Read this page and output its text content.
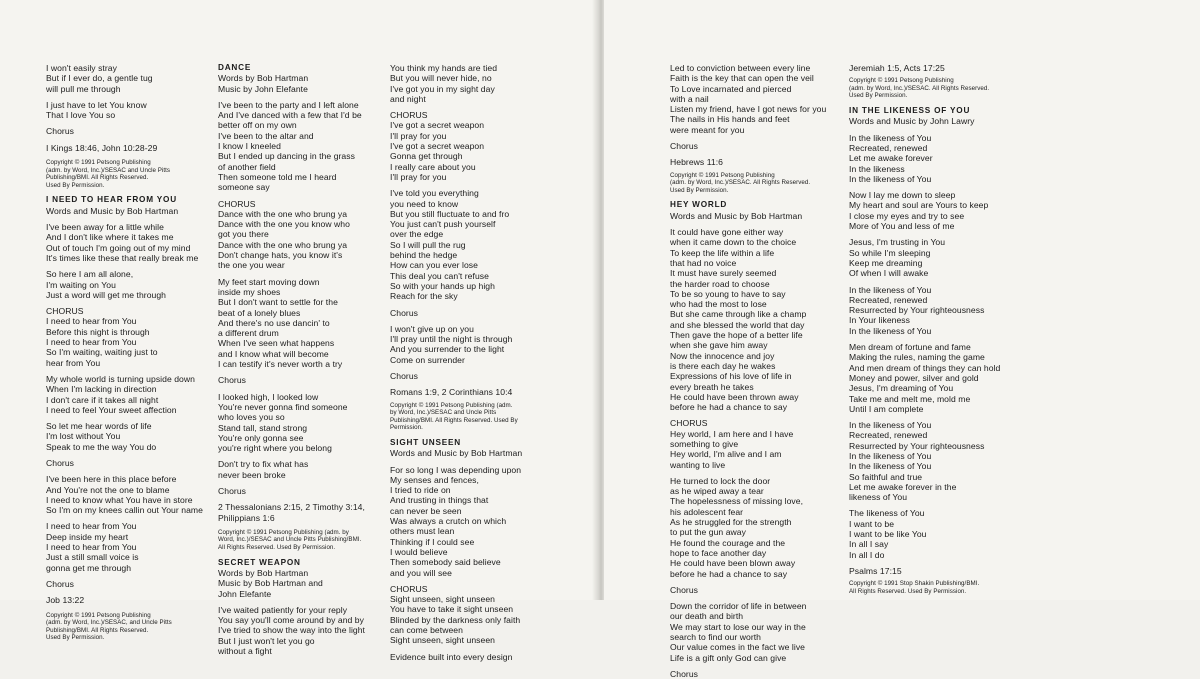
I won't easily stray
But if I ever do, a gentle tug
will pull me through
I just have to let You know
That I love You so
Chorus
I Kings 18:46, John 10:28-29
Copyright © 1991 Petsong Publishing
(adm. by Word, Inc.)/SESAC and Uncle Pitts
Publishing/BMI. All Rights Reserved.
Used By Permission.
I NEED TO HEAR FROM YOU
Words and Music by Bob Hartman
I've been away for a little while
And I don't like where it takes me
Out of touch I'm going out of my mind
It's times like these that really break me
So here I am all alone,
I'm waiting on You
Just a word will get me through
CHORUS
I need to hear from You
Before this night is through
I need to hear from You
So I'm waiting, waiting just to
hear from You
My whole world is turning upside down
When I'm lacking in direction
I don't care if it takes all night
I need to feel Your sweet affection
So let me hear words of life
I'm lost without You
Speak to me the way You do
Chorus
I've been here in this place before
And You're not the one to blame
I need to know what You have in store
So I'm on my knees callin out Your name
I need to hear from You
Deep inside my heart
I need to hear from You
Just a still small voice is
gonna get me through
Chorus
Job 13:22
Copyright © 1991 Petsong Publishing
(adm. by Word, Inc.)/SESAC, and Uncle Pitts
Publishing/BMI. All Rights Reserved.
Used By Permission.
DANCE
Words by Bob Hartman
Music by John Elefante
I've been to the party and I left alone
And I've danced with a few that I'd be
better off on my own
I've been to the altar and
I know I kneeled
But I ended up dancing in the grass
of another field
Then someone told me I heard
someone say
CHORUS
Dance with the one who brung ya
Dance with the one you know who
got you there
Dance with the one who brung ya
Don't change hats, you know it's
the one you wear
My feet start moving down
inside my shoes
But I don't want to settle for the
beat of a lonely blues
And there's no use dancin' to
a different drum
When I've seen what happens
and I know what will become
I can testify it's never worth a try
Chorus
I looked high, I looked low
You're never gonna find someone
who loves you so
Stand tall, stand strong
You're only gonna see
you're right where you belong
Don't try to fix what has
never been broke
Chorus
2 Thessalonians 2:15, 2 Timothy 3:14,
Philippians 1:6
Copyright © 1991 Petsong Publishing (adm. by
Word, Inc.)/SESAC and Uncle Pitts Publishing/BMI.
All Rights Reserved. Used By Permission.
SECRET WEAPON
Words by Bob Hartman
Music by Bob Hartman and
John Elefante
I've waited patiently for your reply
You say you'll come around by and by
I've tried to show the way into the light
But I just won't let you go
without a fight
You think my hands are tied
But you will never hide, no
I've got you in my sight day
and night
CHORUS
I've got a secret weapon
I'll pray for you
I've got a secret weapon
Gonna get through
I really care about you
I'll pray for you
I've told you everything
you need to know
But you still fluctuate to and fro
You just can't push yourself
over the edge
So I will pull the rug
behind the hedge
How can you ever lose
This deal you can't refuse
So with your hands up high
Reach for the sky
Chorus
I won't give up on you
I'll pray until the night is through
And you surrender to the light
Come on surrender
Chorus
Romans 1:9, 2 Corinthians 10:4
Copyright © 1991 Petsong Publishing (adm.
by Word, Inc.)/SESAC and Uncle Pitts
Publishing/BMI. All Rights Reserved. Used By
Permission.
SIGHT UNSEEN
Words and Music by Bob Hartman
For so long I was depending upon
My senses and fences,
I tried to ride on
And trusting in things that
can never be seen
Was always a crutch on which
others must lean
Thinking if I could see
I would believe
Then somebody said believe
and you will see
CHORUS
Sight unseen, sight unseen
You have to take it sight unseen
Blinded by the darkness only faith
can come between
Sight unseen, sight unseen
Evidence built into every design
Led to conviction between every line
Faith is the key that can open the veil
To Love incarnated and pierced
with a nail
Listen my friend, have I got news for you
The nails in His hands and feet
were meant for you
Chorus
Hebrews 11:6
Copyright © 1991 Petsong Publishing
(adm. by Word, Inc.)/SESAC. All Rights Reserved.
Used By Permission.
HEY WORLD
Words and Music by Bob Hartman
It could have gone either way
when it came down to the choice
To keep the life within a life
that had no voice
It must have surely seemed
the harder road to choose
To be so young to have to say
who had the most to lose
But she came through like a champ
and she blessed the world that day
Then gave the hope of a better life
when she gave him away
Now the innocence and joy
is there each day he wakes
Expressions of his love of life in
every breath he takes
He could have been thrown away
before he had a chance to say
CHORUS
Hey world, I am here and I have
something to give
Hey world, I'm alive and I am
wanting to live
He turned to lock the door
as he wiped away a tear
The hopelessness of missing love,
his adolescent fear
As he struggled for the strength
to put the gun away
He found the courage and the
hope to face another day
He could have been blown away
before he had a chance to say
Chorus
Down the corridor of life in between
our death and birth
We may start to lose our way in the
search to find our worth
Our value comes in the fact we live
Life is a gift only God can give
Chorus
Jeremiah 1:5, Acts 17:25
Copyright © 1991 Petsong Publishing
(adm. by Word, Inc.)/SESAC. All Rights Reserved.
Used By Permission.
IN THE LIKENESS OF YOU
Words and Music by John Lawry
In the likeness of You
Recreated, renewed
Let me awake forever
In the likeness
In the likeness of You
Now I lay me down to sleep
My heart and soul are Yours to keep
I close my eyes and try to see
More of You and less of me
Jesus, I'm trusting in You
So while I'm sleeping
Keep me dreaming
Of when I will awake
In the likeness of You
Recreated, renewed
Resurrected by Your righteousness
In Your likeness
In the likeness of You
Men dream of fortune and fame
Making the rules, naming the game
And men dream of things they can hold
Money and power, silver and gold
Jesus, I'm dreaming of You
Take me and melt me, mold me
Until I am complete
In the likeness of You
Recreated, renewed
Resurrected by Your righteousness
In the likeness of You
In the likeness of You
So faithful and true
Let me awake forever in the
likeness of You
The likeness of You
I want to be
I want to be like You
In all I say
In all I do
Psalms 17:15
Copyright © 1991 Stop Shakin Publishing/BMI.
All Rights Reserved. Used By Permission.
